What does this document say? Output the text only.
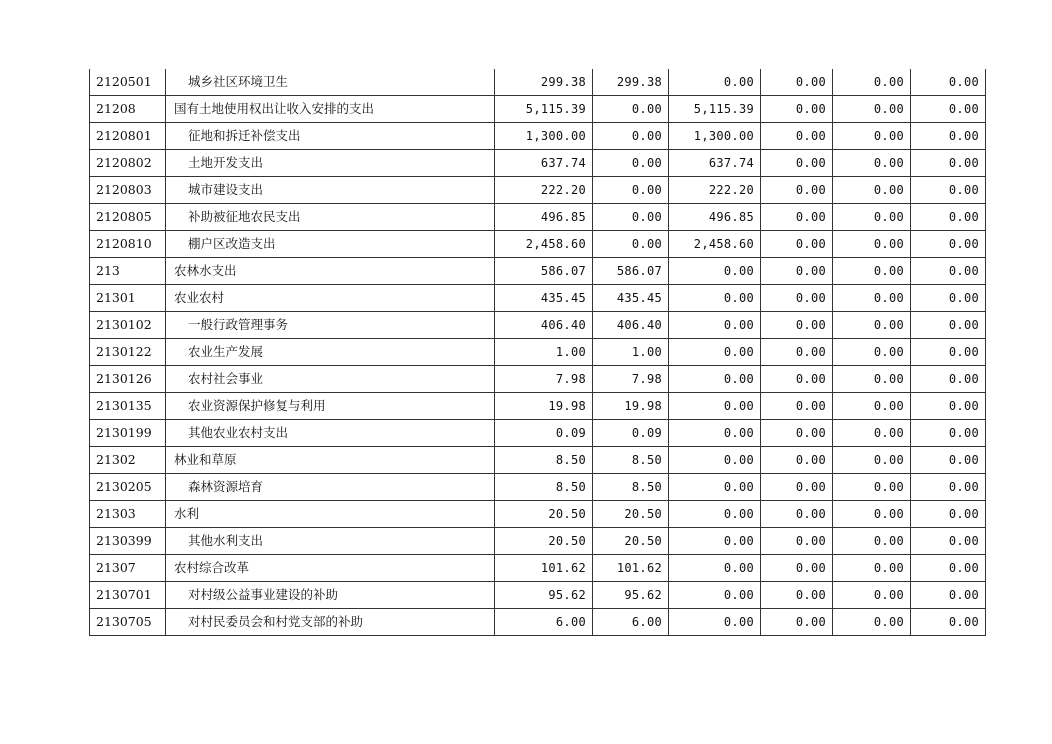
2120501	城乡社区环境卫生	299.38	299.38	0.00	0.00	0.00	0.00
21208	国有土地使用权出让收入安排的支出	5,115.39	0.00	5,115.39	0.00	0.00	0.00
2120801	征地和拆迁补偿支出	1,300.00	0.00	1,300.00	0.00	0.00	0.00
2120802	土地开发支出	637.74	0.00	637.74	0.00	0.00	0.00
2120803	城市建设支出	222.20	0.00	222.20	0.00	0.00	0.00
2120805	补助被征地农民支出	496.85	0.00	496.85	0.00	0.00	0.00
2120810	棚户区改造支出	2,458.60	0.00	2,458.60	0.00	0.00	0.00
213	农林水支出	586.07	586.07	0.00	0.00	0.00	0.00
21301	农业农村	435.45	435.45	0.00	0.00	0.00	0.00
2130102	一般行政管理事务	406.40	406.40	0.00	0.00	0.00	0.00
2130122	农业生产发展	1.00	1.00	0.00	0.00	0.00	0.00
2130126	农村社会事业	7.98	7.98	0.00	0.00	0.00	0.00
2130135	农业资源保护修复与利用	19.98	19.98	0.00	0.00	0.00	0.00
2130199	其他农业农村支出	0.09	0.09	0.00	0.00	0.00	0.00
21302	林业和草原	8.50	8.50	0.00	0.00	0.00	0.00
2130205	森林资源培育	8.50	8.50	0.00	0.00	0.00	0.00
21303	水利	20.50	20.50	0.00	0.00	0.00	0.00
2130399	其他水利支出	20.50	20.50	0.00	0.00	0.00	0.00
21307	农村综合改革	101.62	101.62	0.00	0.00	0.00	0.00
2130701	对村级公益事业建设的补助	95.62	95.62	0.00	0.00	0.00	0.00
2130705	对村民委员会和村党支部的补助	6.00	6.00	0.00	0.00	0.00	0.00
